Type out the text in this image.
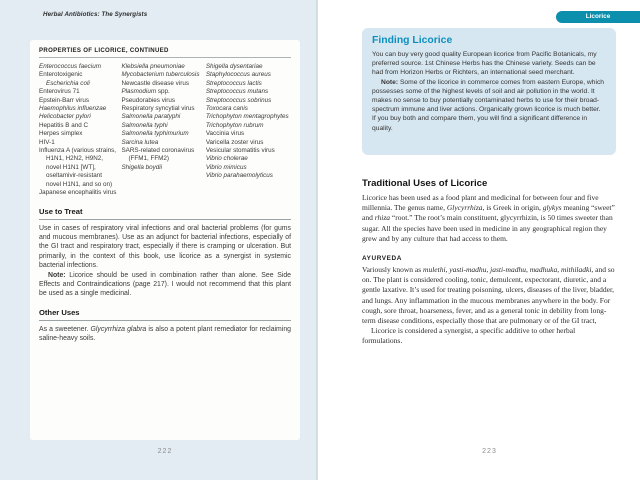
Herbal Antibiotics: The Synergists
PROPERTIES OF LICORICE, CONTINUED
Enterococcus faecium
Enterotoxigenic Escherichia coli
Enterovirus 71
Epstein-Barr virus
Haemophilus influenzae
Helicobacter pylori
Hepatitis B and C
Herpes simplex
HIV-1
Influenza A (various strains, H1N1, H2N2, H9N2, novel H1N1 [WT], oseltamivir-resistant novel H1N1, and so on)
Japanese encephalitis virus
Klebsiella pneumoniae
Mycobacterium tuberculosis
Newcastle disease virus
Plasmodium spp.
Pseudorabies virus
Respiratory syncytial virus
Salmonella paratyphi
Salmonella typhi
Salmonella typhimurium
Sarcina lutea
SARS-related coronavirus (FFM1, FFM2)
Shigella boydii
Shigella dysentariae
Staphylococcus aureus
Streptococcus lactis
Streptococcus mutans
Streptococcus sobrinus
Toxocara canis
Trichophyton mentagrophytes
Trichophyton rubrum
Vaccinia virus
Varicella zoster virus
Vesicular stomatitis virus
Vibrio cholerae
Vibrio mimicus
Vibrio parahaemolyticus
Use to Treat

Use in cases of respiratory viral infections and oral bacterial problems (for gums and mucous membranes). Use as an adjunct for bacterial infections, especially of the GI tract and respiratory tract, especially if there is cramping or ulceration. But primarily, in the context of this book, use licorice as a synergist in systemic bacterial infections.

Note: Licorice should be used in combination rather than alone. See Side Effects and Contraindications (page 217). I would not recommend that this plant be used as a single medicinal.

Other Uses

As a sweetener. Glycyrrhiza glabra is also a potent plant remediator for reclaiming saline-heavy soils.

222
Licorice
Finding Licorice

You can buy very good quality European licorice from Pacific Botanicals, my preferred source. 1st Chinese Herbs has the Chinese variety. Seeds can be had from Horizon Herbs or Richters, an international seed merchant.

Note: Some of the licorice in commerce comes from eastern Europe, which possesses some of the highest levels of soil and air pollution in the world. It makes no sense to buy potentially contaminated herbs to use for their broad-spectrum immune and liver actions. Organically grown licorice is much better. If you buy both and compare them, you will find a significant difference in quality.

Traditional Uses of Licorice

Licorice has been used as a food plant and medicinal for between four and five millennia. The genus name, Glycyrrhiza, is Greek in origin, glykys meaning “sweet” and rhiza “root.” The root’s main constituent, glycyrrhizin, is 50 times sweeter than sugar. All the species have been used in medicine in any geographical region they grew and by any culture that had access to them.

AYURVEDA

Variously known as mulethi, yasti-madhu, jasti-madhu, madhuka, mithiladki, and so on. The plant is considered cooling, tonic, demulcent, expectorant, diuretic, and a gentle laxative. It’s used for treating poisoning, ulcers, diseases of the liver, bladder, and lungs. Any inflammation in the mucous membranes anywhere in the body. For cough, sore throat, hoarseness, fever, and as a general tonic in debility from long-term disease conditions, especially those that are pulmonary or of the GI tract,

Licorice is considered a synergist, a specific additive to other herbal formulations.

223
